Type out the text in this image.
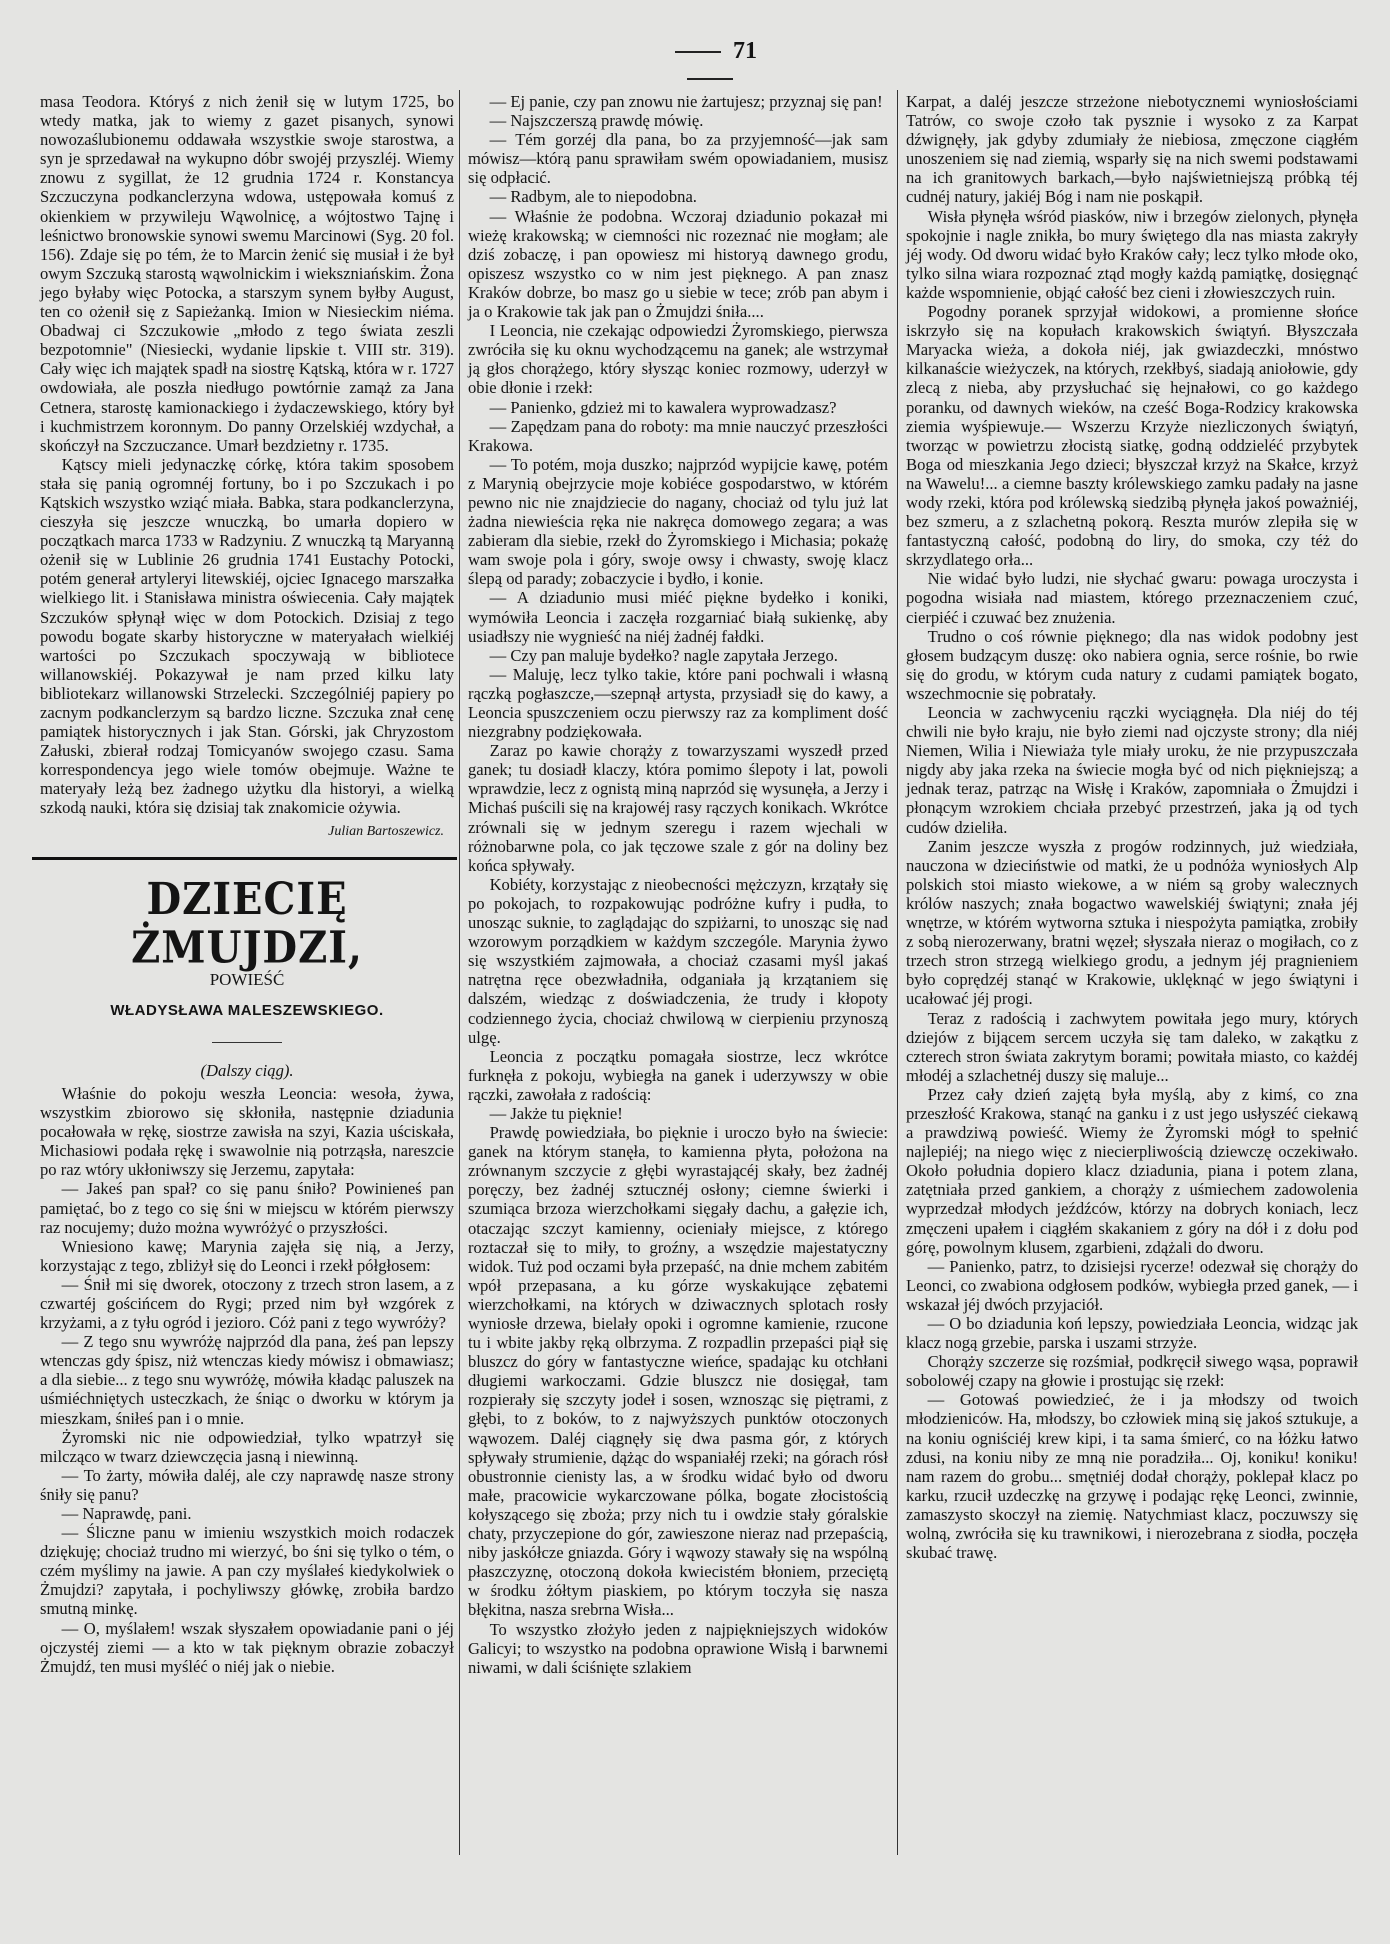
71

masa Teodora. Któryś z nich żenił się w lutym 1725, bo wtedy matka, jak to wiemy z gazet pisanych, synowi nowozaślubionemu oddawała wszystkie swoje starostwa, a syn je sprzedawał na wykupno dóbr swojéj przyszléj. Wiemy znowu z sygillat, że 12 grudnia 1724 r. Konstancya Szczuczyna podkanclerzyna wdowa, ustępowała komuś z okienkiem w przywileju Wąwolnicę, a wójtostwo Tajnę i leśnictwo bronowskie synowi swemu Marcinowi (Syg. 20 fol. 156). Zdaje się po tém, że to Marcin żenić się musiał i że był owym Szczuką starostą wąwolnickim i wiekszniańskim. Żona jego byłaby więc Potocka, a starszym synem byłby August, ten co ożenił się z Sapieżanką. Imion w Niesieckim niéma. Obadwaj ci Szczukowie „młodo z tego świata zeszli bezpotomnie" (Niesiecki, wydanie lipskie t. VIII str. 319). Cały więc ich majątek spadł na siostrę Kątską, która w r. 1727 owdowiała, ale poszła niedługo powtórnie zamąż za Jana Cetnera, starostę kamionackiego i żydaczewskiego, który był i kuchmistrzem koronnym. Do panny Orzelskiéj wzdychał, a skończył na Szczuczance. Umarł bezdzietny r. 1735.

Kątscy mieli jedynaczkę córkę, która takim sposobem stała się panią ogromnéj fortuny, bo i po Szczukach i po Kątskich wszystko wziąć miała. Babka, stara podkanclerzyna, cieszyła się jeszcze wnuczką, bo umarła dopiero w początkach marca 1733 w Radzyniu. Z wnuczką tą Maryanną ożenił się w Lublinie 26 grudnia 1741 Eustachy Potocki, potém generał artyleryi litewskiéj, ojciec Ignacego marszałka wielkiego lit. i Stanisława ministra oświecenia. Cały majątek Szczuków spłynął więc w dom Potockich. Dzisiaj z tego powodu bogate skarby historyczne w materyałach wielkiéj wartości po Szczukach spoczywają w bibliotece willanowskiéj. Pokazywał je nam przed kilku laty bibliotekarz willanowski Strzelecki. Szczególniéj papiery po zacnym podkanclerzym są bardzo liczne. Szczuka znał cenę pamiątek historycznych i jak Stan. Górski, jak Chryzostom Załuski, zbierał rodzaj Tomicyanów swojego czasu. Sama korrespondencya jego wiele tomów obejmuje. Ważne te materyały leżą bez żadnego użytku dla historyi, a wielką szkodą nauki, która się dzisiaj tak znakomicie ożywia.

Julian Bartoszewicz.
DZIECIĘ ŻMUJDZI,
POWIEŚĆ
WŁADYSŁAWA MALESZEWSKIEGO.
(Dalszy ciąg).

Właśnie do pokoju weszła Leoncia: wesoła, żywa, wszystkim zbiorowo się skłoniła, następnie dziadunia pocałowała w rękę, siostrze zawisła na szyi, Kazia uściskała, Michasiowi podała rękę i swawolnie nią potrząsła, nareszcie po raz wtóry ukłoniwszy się Jerzemu, zapytała:

— Jakeś pan spał? co się panu śniło? Powinieneś pan pamiętać, bo z tego co się śni w miejscu w którém pierwszy raz nocujemy; dużo można wywróżyć o przyszłości.

Wniesiono kawę; Marynia zajęła się nią, a Jerzy, korzystając z tego, zbliżył się do Leonci i rzekł półgłosem:

— Śnił mi się dworek, otoczony z trzech stron lasem, a z czwartéj gościńcem do Rygi; przed nim był wzgórek z krzyżami, a z tyłu ogród i jezioro. Cóż pani z tego wywróży?

— Z tego snu wywróżę najprzód dla pana, żeś pan lepszy wtenczas gdy śpisz, niż wtenczas kiedy mówisz i obmawiasz; a dla siebie... z tego snu wywróżę, mówiła kładąc paluszek na uśmiéchniętych usteczkach, że śniąc o dworku w którym ja mieszkam, śniłeś pan i o mnie.

Żyromski nic nie odpowiedział, tylko wpatrzył się milcząco w twarz dziewczęcia jasną i niewinną.

— To żarty, mówiła daléj, ale czy naprawdę nasze strony śniły się panu?

— Naprawdę, pani.

— Śliczne panu w imieniu wszystkich moich rodaczek dziękuję; chociaż trudno mi wierzyć, bo śni się tylko o tém, o czém myślimy na jawie. A pan czy myślałeś kiedykolwiek o Żmujdzi? zapytała, i pochyliwszy główkę, zrobiła bardzo smutną minkę.

— O, myślałem! wszak słyszałem opowiadanie pani o jéj ojczystéj ziemi — a kto w tak pięknym obrazie zobaczył Żmujdź, ten musi myśléć o niéj jak o niebie.

— Ej panie, czy pan znowu nie żartujesz; przyznaj się pan!

— Najszczerszą prawdę mówię.

— Tém gorzéj dla pana, bo za przyjemność—jak sam mówisz—którą panu sprawiłam swém opowiadaniem, musisz się odpłacić.

— Radbym, ale to niepodobna.

— Właśnie że podobna. Wczoraj dziadunio pokazał mi wieżę krakowską; w ciemności nic rozeznać nie mogłam; ale dziś zobaczę, i pan opowiesz mi historyą dawnego grodu, opiszesz wszystko co w nim jest pięknego. A pan znasz Kraków dobrze, bo masz go u siebie w tece; zrób pan abym i ja o Krakowie tak jak pan o Żmujdzi śniła....

I Leoncia, nie czekając odpowiedzi Żyromskiego, pierwsza zwróciła się ku oknu wychodzącemu na ganek; ale wstrzymał ją głos chorążego, który słysząc koniec rozmowy, uderzył w obie dłonie i rzekł:

— Panienko, gdzież mi to kawalera wyprowadzasz?

— Zapędzam pana do roboty: ma mnie nauczyć przeszłości Krakowa.

— To potém, moja duszko; najprzód wypijcie kawę, potém z Marynią obejrzycie moje kobiéce gospodarstwo, w którém pewno nic nie znajdziecie do nagany, chociaż od tylu już lat żadna niewieścia ręka nie nakręca domowego zegara; a was zabieram dla siebie, rzekł do Żyromskiego i Michasia; pokażę wam swoje pola i góry, swoje owsy i chwasty, swoję klacz ślepą od parady; zobaczycie i bydło, i konie.

— A dziadunio musi miéć piękne bydełko i koniki, wymówiła Leoncia i zaczęła rozgarniać białą sukienkę, aby usiadłszy nie wygnieść na niéj żadnéj fałdki.

— Czy pan maluje bydełko? nagle zapytała Jerzego.

— Maluję, lecz tylko takie, które pani pochwali i własną rączką pogłaszcze,—szepnął artysta, przysiadł się do kawy, a Leoncia spuszczeniem oczu pierwszy raz za kompliment dość niezgrabny podziękowała.

Zaraz po kawie chorąży z towarzyszami wyszedł przed ganek; tu dosiadł klaczy, która pomimo ślepoty i lat, powoli wprawdzie, lecz z ognistą miną naprzód się wysunęła, a Jerzy i Michaś puścili się na krajowéj rasy rączych konikach. Wkrótce zrównali się w jednym szeregu i razem wjechali w różnobarwne pola, co jak tęczowe szale z gór na doliny bez końca spływały.

Kobiéty, korzystając z nieobecności mężczyzn, krzątały się po pokojach, to rozpakowując podróżne kufry i pudła, to unosząc suknie, to zaglądając do szpiżarni, to unosząc się nad wzorowym porządkiem w każdym szczególe. Marynia żywo się wszystkiém zajmowała, a chociaż czasami myśl jakaś natrętna ręce obezwładniła, odganiała ją krzątaniem się dalszém, wiedząc z doświadczenia, że trudy i kłopoty codziennego życia, chociaż chwilową w cierpieniu przynoszą ulgę.

Leoncia z początku pomagała siostrze, lecz wkrótce furknęła z pokoju, wybiegła na ganek i uderzywszy w obie rączki, zawołała z radością:

— Jakże tu pięknie!

Prawdę powiedziała, bo pięknie i uroczo było na świecie: ganek na którym stanęła, to kamienna płyta, położona na zrównanym szczycie z głębi wyrastającéj skały, bez żadnéj poręczy, bez żadnéj sztucznéj osłony; ciemne świerki i szumiąca brzoza wierzchołkami sięgały dachu, a gałęzie ich, otaczając szczyt kamienny, ocieniały miejsce, z którego roztaczał się to miły, to groźny, a wszędzie majestatyczny widok. Tuż pod oczami była przepaść, na dnie mchem zabitém wpół przepasana, a ku górze wyskakujące zębatemi wierzchołkami, na których w dziwacznych splotach rosły wyniosłe drzewa, bielały opoki i ogromne kamienie, rzucone tu i wbite jakby ręką olbrzyma. Z rozpadlin przepaści piął się bluszcz do góry w fantastyczne wieńce, spadając ku otchłani długiemi warkoczami. Gdzie bluszcz nie dosięgał, tam rozpierały się szczyty jodeł i sosen, wznosząc się piętrami, z głębi, to z boków, to z najwyższych punktów otoczonych wąwozem. Daléj ciągnęły się dwa pasma gór, z których spływały strumienie, dążąc do wspaniałéj rzeki; na górach rósł obustronnie cienisty las, a w środku widać było od dworu małe, pracowicie wykarczowane pólka, bogate złocistością kołyszącego się zboża; przy nich tu i owdzie stały góralskie chaty, przyczepione do gór, zawieszone nieraz nad przepaścią, niby jaskółcze gniazda. Góry i wąwozy stawały się na wspólną płaszczyznę, otoczoną dokoła kwiecistém błoniem, przeciętą w środku żółtym piaskiem, po którym toczyła się nasza błękitna, nasza srebrna Wisła...

To wszystko złożyło jeden z najpiękniejszych widoków Galicyi; to wszystko na podobna oprawione Wisłą i barwnemi niwami, w dali ściśnięte szlakiem

Karpat, a daléj jeszcze strzeżone niebotycznemi wyniosłościami Tatrów, co swoje czoło tak pysznie i wysoko z za Karpat dźwignęły, jak gdyby zdumiały że niebiosa, zmęczone ciągłém unoszeniem się nad ziemią, wsparły się na nich swemi podstawami na ich granitowych barkach,—było najświetniejszą próbką téj cudnéj natury, jakiéj Bóg i nam nie poskąpił.

Wisła płynęła wśród piasków, niw i brzegów zielonych, płynęła spokojnie i nagle znikła, bo mury świętego dla nas miasta zakryły jéj wody. Od dworu widać było Kraków cały; lecz tylko młode oko, tylko silna wiara rozpoznać ztąd mogły każdą pamiątkę, dosięgnąć każde wspomnienie, objąć całość bez cieni i złowieszczych ruin.

Pogodny poranek sprzyjał widokowi, a promienne słońce iskrzyło się na kopułach krakowskich świątyń. Błyszczała Maryacka wieża, a dokoła niéj, jak gwiazdeczki, mnóstwo kilkanaście wieżyczek, na których, rzekłbyś, siadają aniołowie, gdy zlecą z nieba, aby przysłuchać się hejnałowi, co go każdego poranku, od dawnych wieków, na cześć Boga-Rodzicy krakowska ziemia wyśpiewuje.— Wszerzu Krzyże niezliczonych świątyń, tworząc w powietrzu złocistą siatkę, godną oddzieléć przybytek Boga od mieszkania Jego dzieci; błyszczał krzyż na Skałce, krzyż na Wawelu!... a ciemne baszty królewskiego zamku padały na jasne wody rzeki, która pod królewską siedzibą płynęła jakoś poważniéj, bez szmeru, a z szlachetną pokorą. Reszta murów zlepiła się w fantastyczną całość, podobną do liry, do smoka, czy téż do skrzydlatego orła...

Nie widać było ludzi, nie słychać gwaru: powaga uroczysta i pogodna wisiała nad miastem, którego przeznaczeniem czuć, cierpiéć i czuwać bez znużenia.

Trudno o coś równie pięknego; dla nas widok podobny jest głosem budzącym duszę: oko nabiera ognia, serce rośnie, bo rwie się do grodu, w którym cuda natury z cudami pamiątek bogato, wszechmocnie się pobratały.

Leoncia w zachwyceniu rączki wyciągnęła. Dla niéj do téj chwili nie było kraju, nie było ziemi nad ojczyste strony; dla niéj Niemen, Wilia i Niewiaża tyle miały uroku, że nie przypuszczała nigdy aby jaka rzeka na świecie mogła być od nich piękniejszą; a jednak teraz, patrząc na Wisłę i Kraków, zapomniała o Żmujdzi i płonącym wzrokiem chciała przebyć przestrzeń, jaka ją od tych cudów dzieliła.

Zanim jeszcze wyszła z progów rodzinnych, już wiedziała, nauczona w dzieciństwie od matki, że u podnóża wyniosłych Alp polskich stoi miasto wiekowe, a w niém są groby walecznych królów naszych; znała bogactwo wawelskiéj świątyni; znała jéj wnętrze, w którém wytworna sztuka i niespożyta pamiątka, zrobiły z sobą nierozerwany, bratni węzeł; słyszała nieraz o mogiłach, co z trzech stron strzegą wielkiego grodu, a jednym jéj pragnieniem było coprędzéj stanąć w Krakowie, uklęknąć w jego świątyni i ucałować jéj progi.

Teraz z radością i zachwytem powitała jego mury, których dziejów z bijącem sercem uczyła się tam daleko, w zakątku z czterech stron świata zakrytym borami; powitała miasto, co każdéj młodéj a szlachetnéj duszy się maluje...

Przez cały dzień zajętą była myślą, aby z kimś, co zna przeszłość Krakowa, stanąć na ganku i z ust jego usłyszéć ciekawą a prawdziwą powieść. Wiemy że Żyromski mógł to spełnić najlepiéj; na niego więc z niecierpliwością dziewczę oczekiwało. Około południa dopiero klacz dziadunia, piana i potem zlana, zatętniała przed gankiem, a chorąży z uśmiechem zadowolenia wyprzedzał młodych jeźdźców, którzy na dobrych koniach, lecz zmęczeni upałem i ciągłém skakaniem z góry na dół i z dołu pod górę, powolnym klusem, zgarbieni, zdążali do dworu.

— Panienko, patrz, to dzisiejsi rycerze! odezwał się chorąży do Leonci, co zwabiona odgłosem podków, wybiegła przed ganek, — i wskazał jéj dwóch przyjaciół.

— O bo dziadunia koń lepszy, powiedziała Leoncia, widząc jak klacz nogą grzebie, parska i uszami strzyże.

Chorąży szczerze się rozśmiał, podkręcił siwego wąsa, poprawił sobolowéj czapy na głowie i prostując się rzekł:

— Gotowaś powiedzieć, że i ja młodszy od twoich młodzieniców. Ha, młodszy, bo człowiek miną się jakoś sztukuje, a na koniu ogniściéj krew kipi, i ta sama śmierć, co na łóżku łatwo zdusi, na koniu niby ze mną nie poradziła... Oj, koniku! koniku! nam razem do grobu... smętniéj dodał chorąży, poklepał klacz po karku, rzucił uzdeczkę na grzywę i podając rękę Leonci, zwinnie, zamaszysto skoczył na ziemię. Natychmiast klacz, poczuwszy się wolną, zwróciła się ku trawnikowi, i nierozebrana z siodła, poczęła skubać trawę.
